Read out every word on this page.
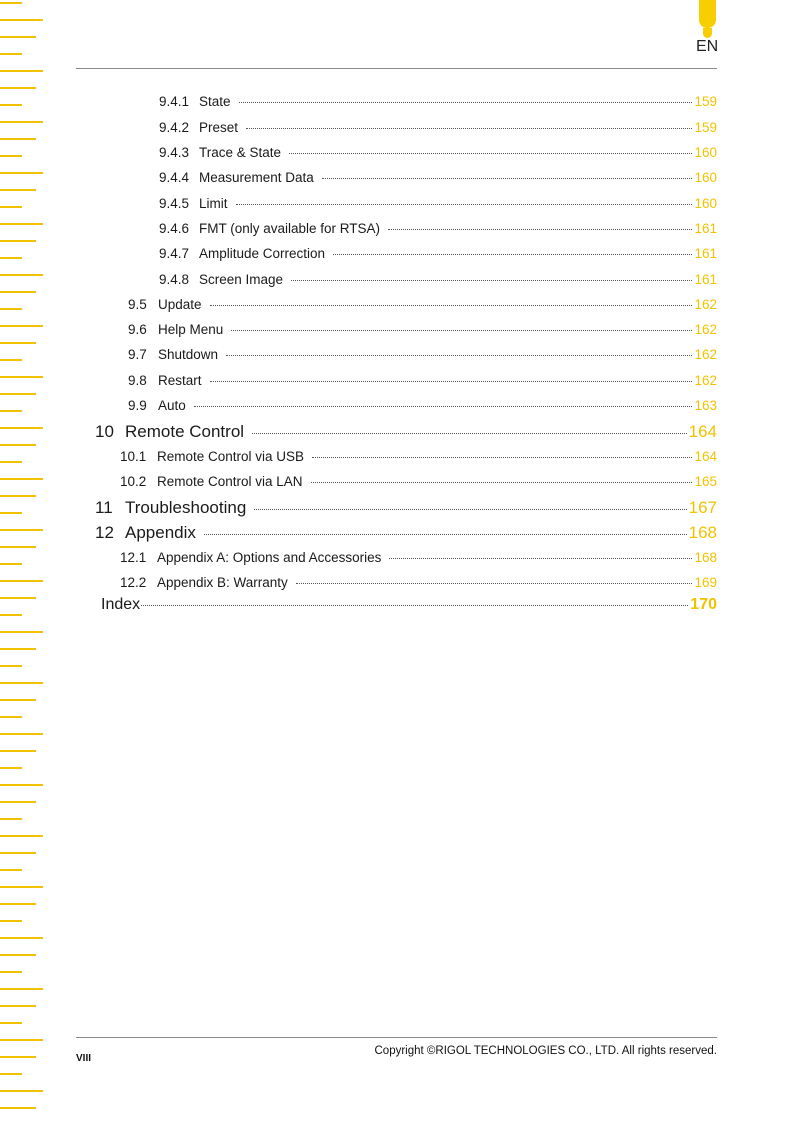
EN
9.4.1 State	159
9.4.2 Preset	159
9.4.3 Trace & State	160
9.4.4 Measurement Data	160
9.4.5 Limit	160
9.4.6 FMT (only available for RTSA)	161
9.4.7 Amplitude Correction	161
9.4.8 Screen Image	161
9.5 Update	162
9.6 Help Menu	162
9.7 Shutdown	162
9.8 Restart	162
9.9 Auto	163
10 Remote Control	164
10.1 Remote Control via USB	164
10.2 Remote Control via LAN	165
11 Troubleshooting	167
12 Appendix	168
12.1 Appendix A: Options and Accessories	168
12.2 Appendix B: Warranty	169
Index	170
VIII
Copyright ©RIGOL TECHNOLOGIES CO., LTD. All rights reserved.
